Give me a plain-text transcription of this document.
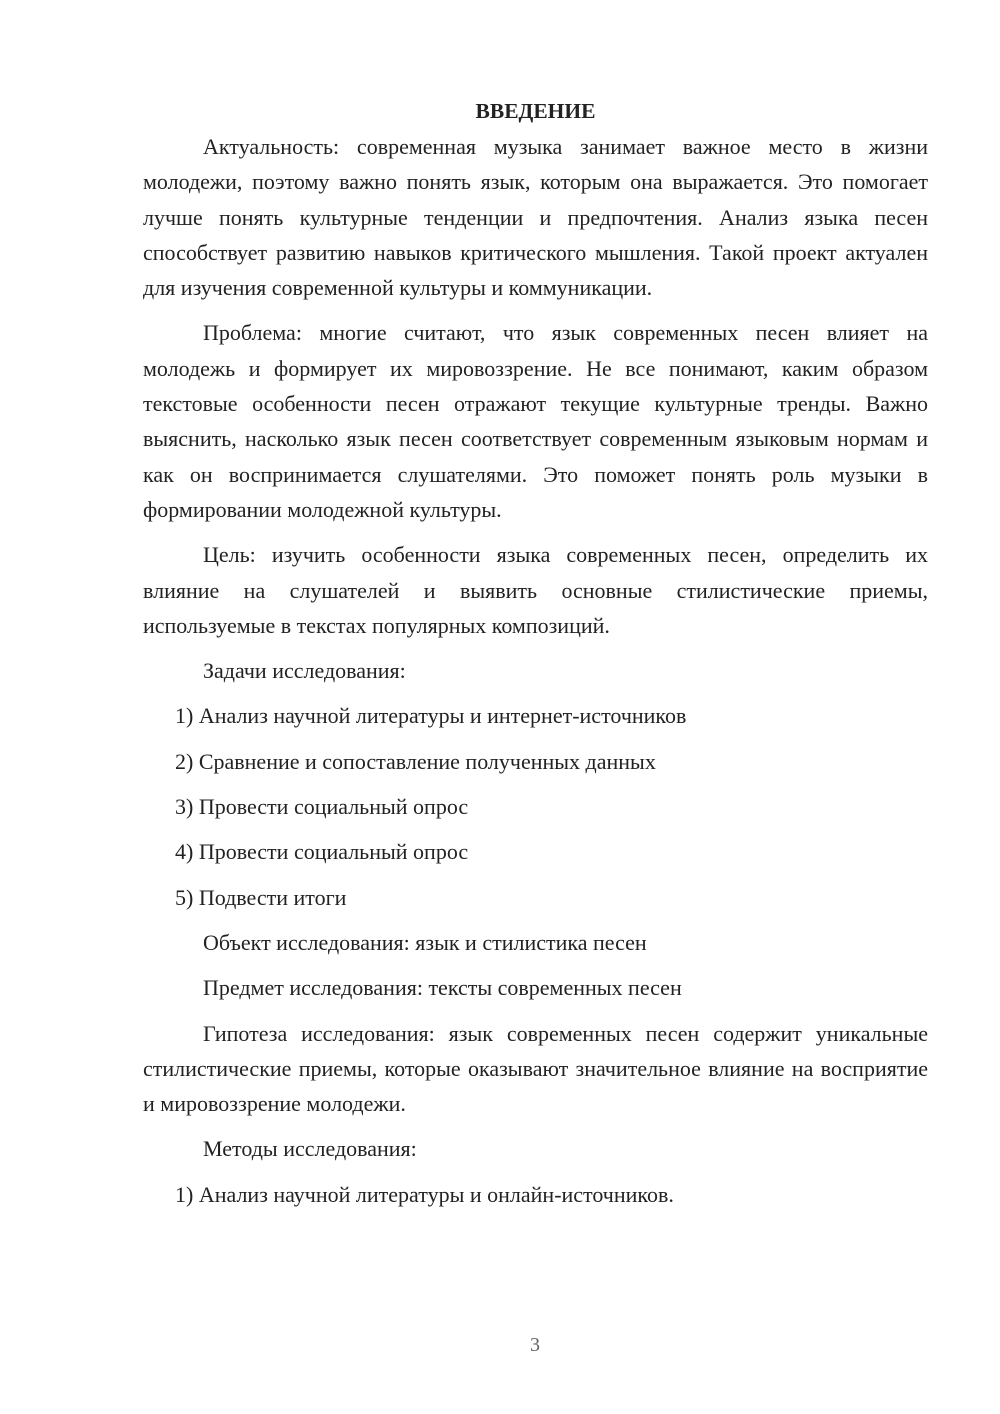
ВВЕДЕНИЕ

Актуальность: современная музыка занимает важное место в жизни молодежи, поэтому важно понять язык, которым она выражается. Это помогает лучше понять культурные тенденции и предпочтения. Анализ языка песен способствует развитию навыков критического мышления. Такой проект актуален для изучения современной культуры и коммуникации.

Проблема: многие считают, что язык современных песен влияет на молодежь и формирует их мировоззрение. Не все понимают, каким образом текстовые особенности песен отражают текущие культурные тренды. Важно выяснить, насколько язык песен соответствует современным языковым нормам и как он воспринимается слушателями. Это поможет понять роль музыки в формировании молодежной культуры.

Цель: изучить особенности языка современных песен, определить их влияние на слушателей и выявить основные стилистические приемы, используемые в текстах популярных композиций.

Задачи исследования:
1) Анализ научной литературы и интернет-источников
2) Сравнение и сопоставление полученных данных
3) Провести социальный опрос
4) Провести социальный опрос
5) Подвести итоги
Объект исследования: язык и стилистика песен
Предмет исследования: тексты современных песен

Гипотеза исследования: язык современных песен содержит уникальные стилистические приемы, которые оказывают значительное влияние на восприятие и мировоззрение молодежи.

Методы исследования:
1) Анализ научной литературы и онлайн-источников.
3
